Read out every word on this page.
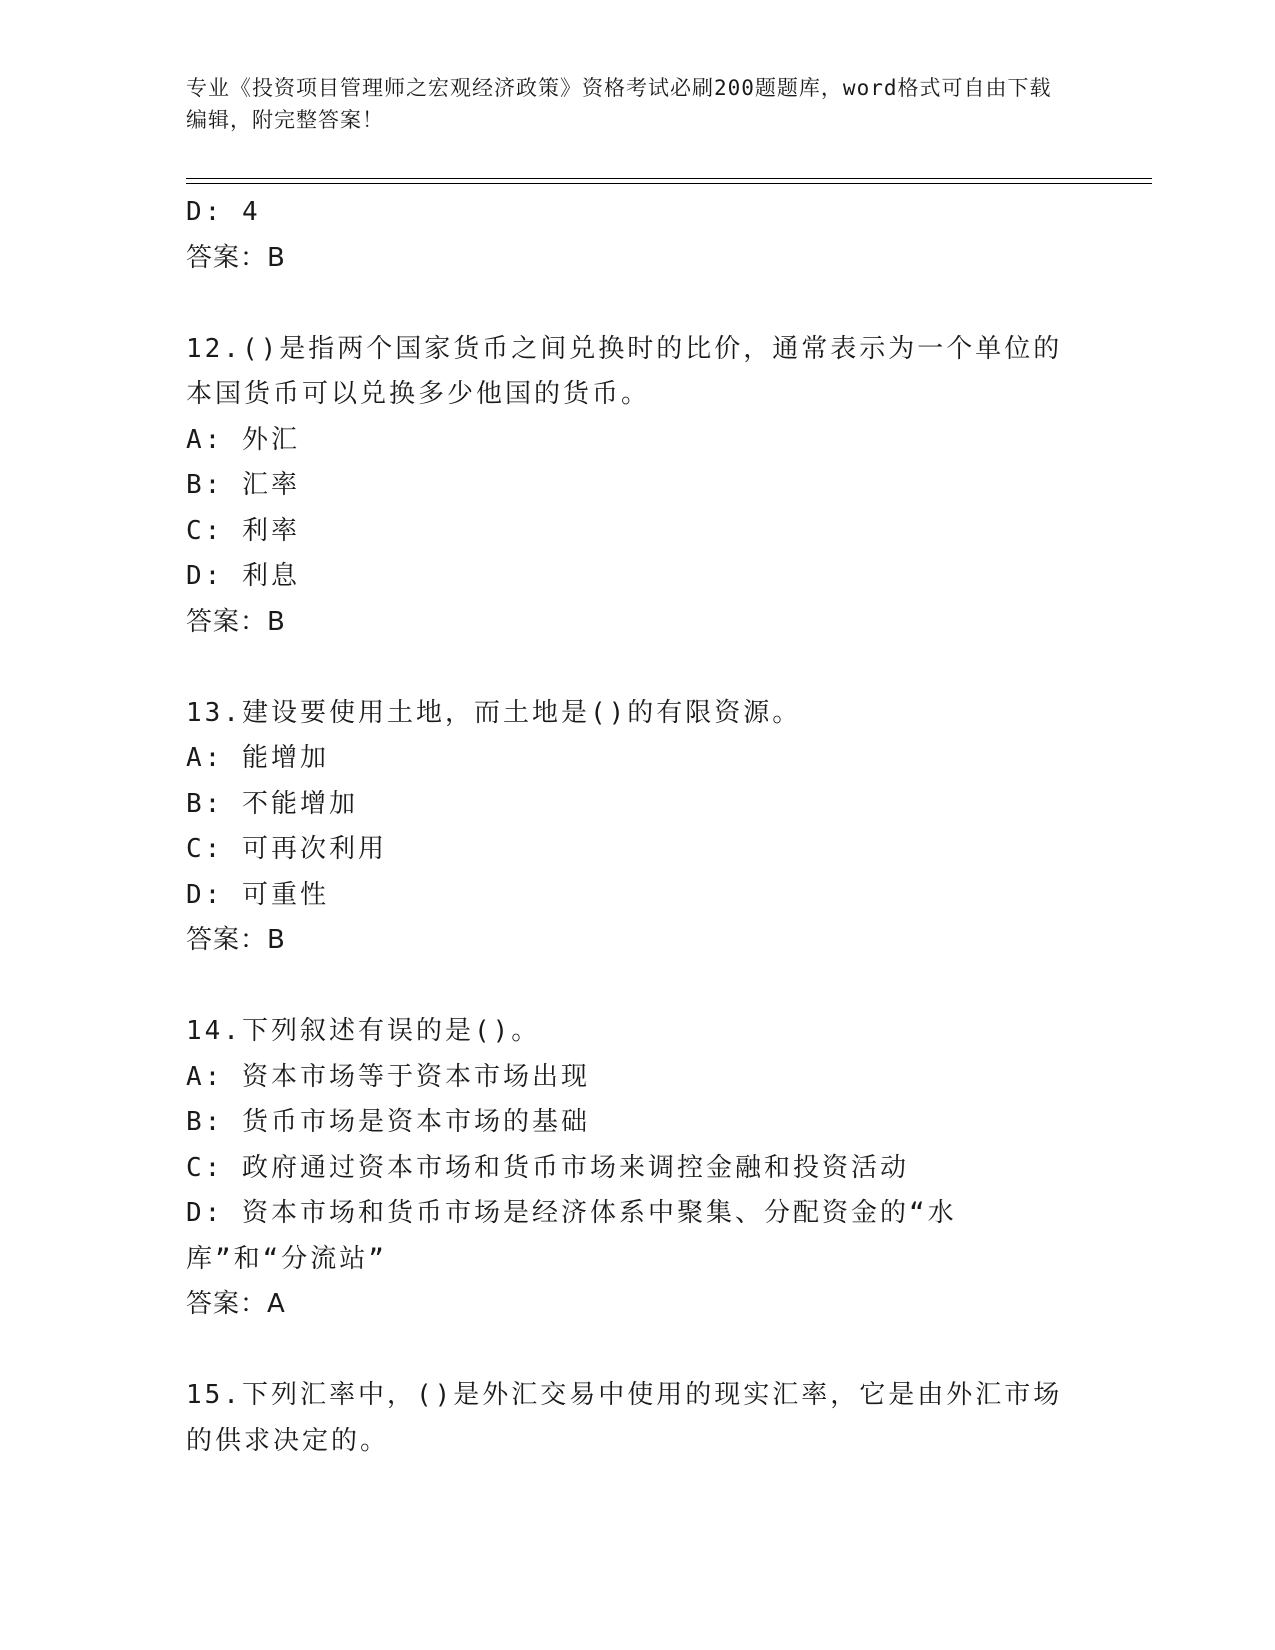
专业《投资项目管理师之宏观经济政策》资格考试必刷200题题库，word格式可自由下载编辑，附完整答案！
D: 4
答案：B
12.()是指两个国家货币之间兑换时的比价，通常表示为一个单位的本国货币可以兑换多少他国的货币。
A: 外汇
B: 汇率
C: 利率
D: 利息
答案：B
13.建设要使用土地，而土地是()的有限资源。
A: 能增加
B: 不能增加
C: 可再次利用
D: 可重性
答案：B
14.下列叙述有误的是()。
A: 资本市场等于资本市场出现
B: 货币市场是资本市场的基础
C: 政府通过资本市场和货币市场来调控金融和投资活动
D: 资本市场和货币市场是经济体系中聚集、分配资金的“水库”和“分流站”
答案：A
15.下列汇率中，()是外汇交易中使用的现实汇率，它是由外汇市场的供求决定的。
